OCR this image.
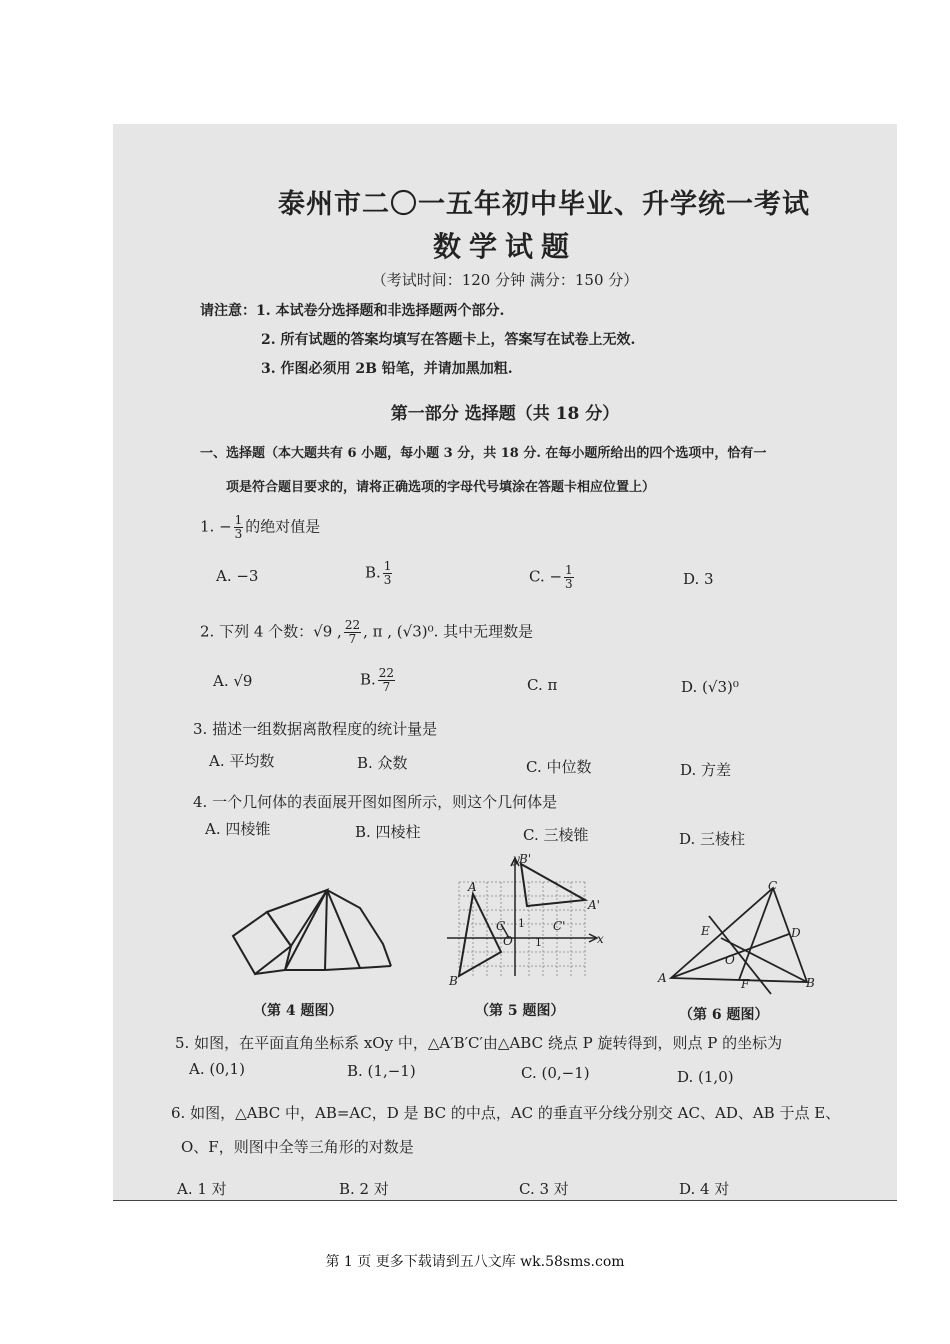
泰州市二〇一五年初中毕业、升学统一考试
数学试题
（考试时间：120 分钟 满分：150 分）
请注意：1. 本试卷分选择题和非选择题两个部分.
2. 所有试题的答案均填写在答题卡上，答案写在试卷上无效.
3. 作图必须用 2B 铅笔，并请加黑加粗.
第一部分 选择题（共 18 分）
一、选择题（本大题共有 6 小题，每小题 3 分，共 18 分. 在每小题所给出的四个选项中，恰有一
项是符合题目要求的，请将正确选项的字母代号填涂在答题卡相应位置上）
1. − $\frac{1}{3}$ 的绝对值是
A. −3	B. $\frac{1}{3}$	C. − $\frac{1}{3}$	D. 3
2. 下列 4 个数：√9 , $\frac{22}{7}$ , π , (√3)⁰. 其中无理数是
A. √9	B. $\frac{22}{7}$	C. π	D. (√3)⁰
3. 描述一组数据离散程度的统计量是
A. 平均数	B. 众数	C. 中位数	D. 方差
4. 一个几何体的表面展开图如图所示，则这个几何体是
A. 四棱锥	B. 四棱柱	C. 三棱锥	D. 三棱柱
（第 4 题图）
y B'
A
A'
C	C'
1
O 1	x
B
（第 5 题图）
C
E	D
O
A	F	B
（第 6 题图）
5. 如图，在平面直角坐标系 xOy 中，△A′B′C′由△ABC 绕点 P 旋转得到，则点 P 的坐标为
A. (0,1)	B. (1,−1)	C. (0,−1)	D. (1,0)
6. 如图，△ABC 中，AB=AC，D 是 BC 的中点，AC 的垂直平分线分别交 AC、AD、AB 于点 E、
O、F，则图中全等三角形的对数是
A. 1 对	B. 2 对	C. 3 对	D. 4 对
第 1 页 更多下载请到五八文库 wk.58sms.com
